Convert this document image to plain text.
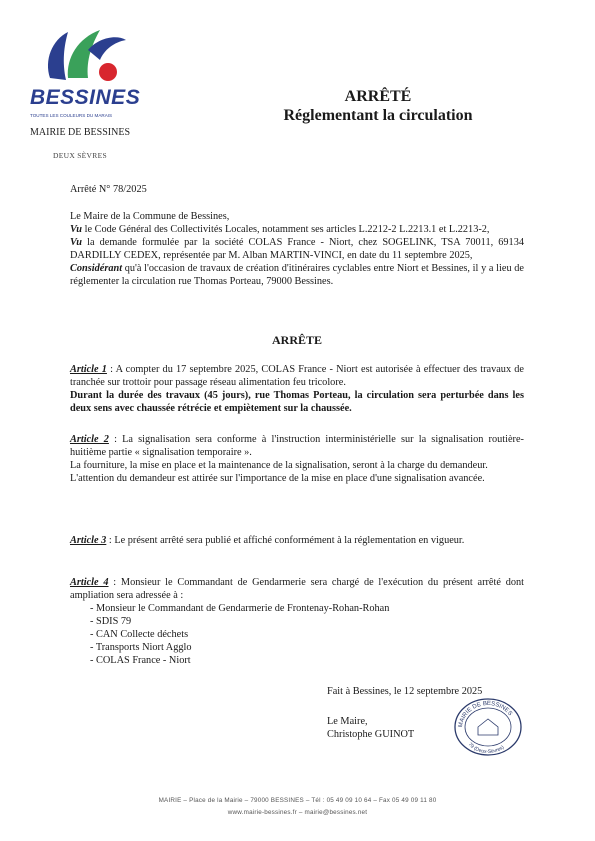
BESSINES
TOUTES LES COULEURS DU MARAIS
MAIRIE DE BESSINES
DEUX SÈVRES
ARRÊTÉ
Réglementant la circulation
Arrêté N° 78/2025
Le Maire de la Commune de Bessines,
Vu le Code Général des Collectivités Locales, notamment ses articles L.2212-2 L.2213.1 et L.2213-2,
Vu la demande formulée par la société COLAS France - Niort, chez SOGELINK, TSA 70011, 69134 DARDILLY CEDEX, représentée par M. Alban MARTIN-VINCI, en date du 11 septembre 2025,
Considérant qu'à l'occasion de travaux de création d'itinéraires cyclables entre Niort et Bessines, il y a lieu de réglementer la circulation rue Thomas Porteau, 79000 Bessines.
ARRÊTE
Article 1 : A compter du 17 septembre 2025, COLAS France - Niort est autorisée à effectuer des travaux de tranchée sur trottoir pour passage réseau alimentation feu tricolore.
Durant la durée des travaux (45 jours), rue Thomas Porteau, la circulation sera perturbée dans les deux sens avec chaussée rétrécie et empiètement sur la chaussée.
Article 2 : La signalisation sera conforme à l'instruction interministérielle sur la signalisation routière-huitième partie « signalisation temporaire ».
La fourniture, la mise en place et la maintenance de la signalisation, seront à la charge du demandeur.
L'attention du demandeur est attirée sur l'importance de la mise en place d'une signalisation avancée.
Article 3 : Le présent arrêté sera publié et affiché conformément à la réglementation en vigueur.
Article 4 : Monsieur le Commandant de Gendarmerie sera chargé de l'exécution du présent arrêté dont ampliation sera adressée à :
- Monsieur le Commandant de Gendarmerie de Frontenay-Rohan-Rohan
- SDIS 79
- CAN Collecte déchets
- Transports Niort Agglo
- COLAS France - Niort
Fait à Bessines, le 12 septembre 2025
Le Maire,
Christophe GUINOT
MAIRIE DE BESSINES
79 (Deux-Sèvres)
MAIRIE – Place de la Mairie – 79000 BESSINES – Tél : 05 49 09 10 64 – Fax 05 49 09 11 80
www.mairie-bessines.fr – mairie@bessines.net
